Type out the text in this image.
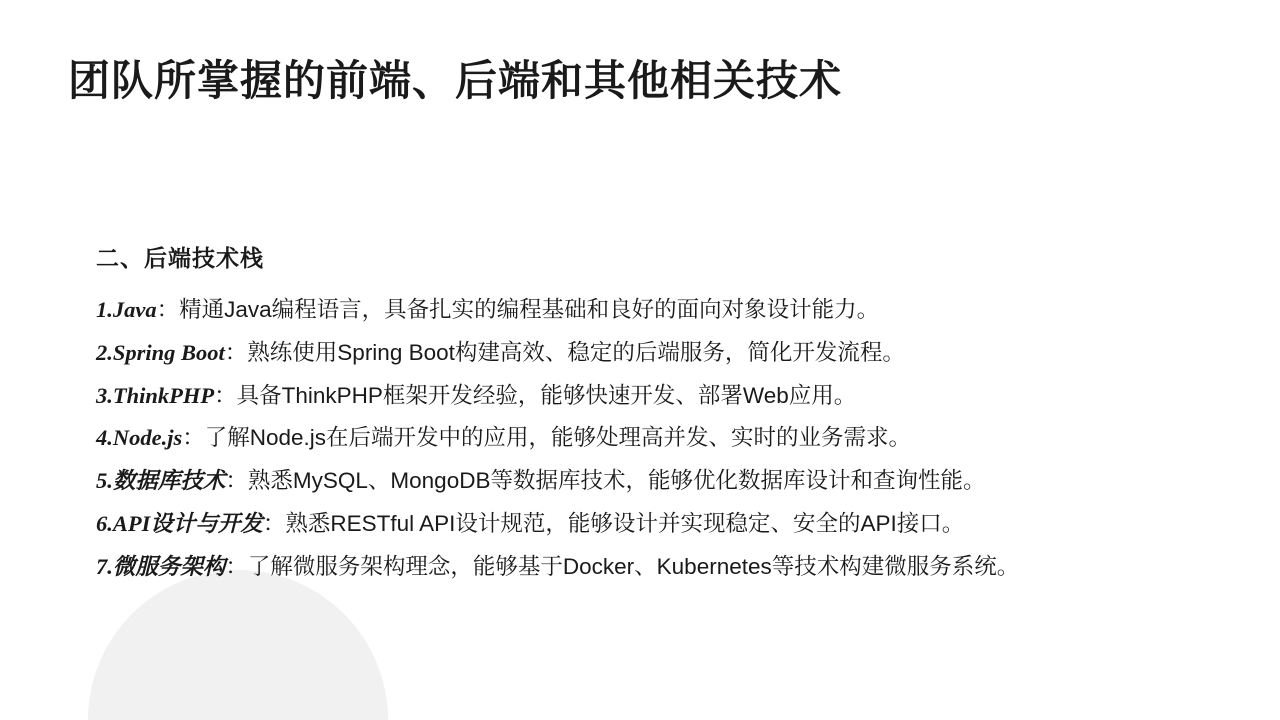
团队所掌握的前端、后端和其他相关技术
二、后端技术栈
1.Java：精通Java编程语言，具备扎实的编程基础和良好的面向对象设计能力。
2.Spring Boot：熟练使用Spring Boot构建高效、稳定的后端服务，简化开发流程。
3.ThinkPHP：具备ThinkPHP框架开发经验，能够快速开发、部署Web应用。
4.Node.js：了解Node.js在后端开发中的应用，能够处理高并发、实时的业务需求。
5.数据库技术：熟悉MySQL、MongoDB等数据库技术，能够优化数据库设计和查询性能。
6.API设计与开发：熟悉RESTful API设计规范，能够设计并实现稳定、安全的API接口。
7.微服务架构：了解微服务架构理念，能够基于Docker、Kubernetes等技术构建微服务系统。
